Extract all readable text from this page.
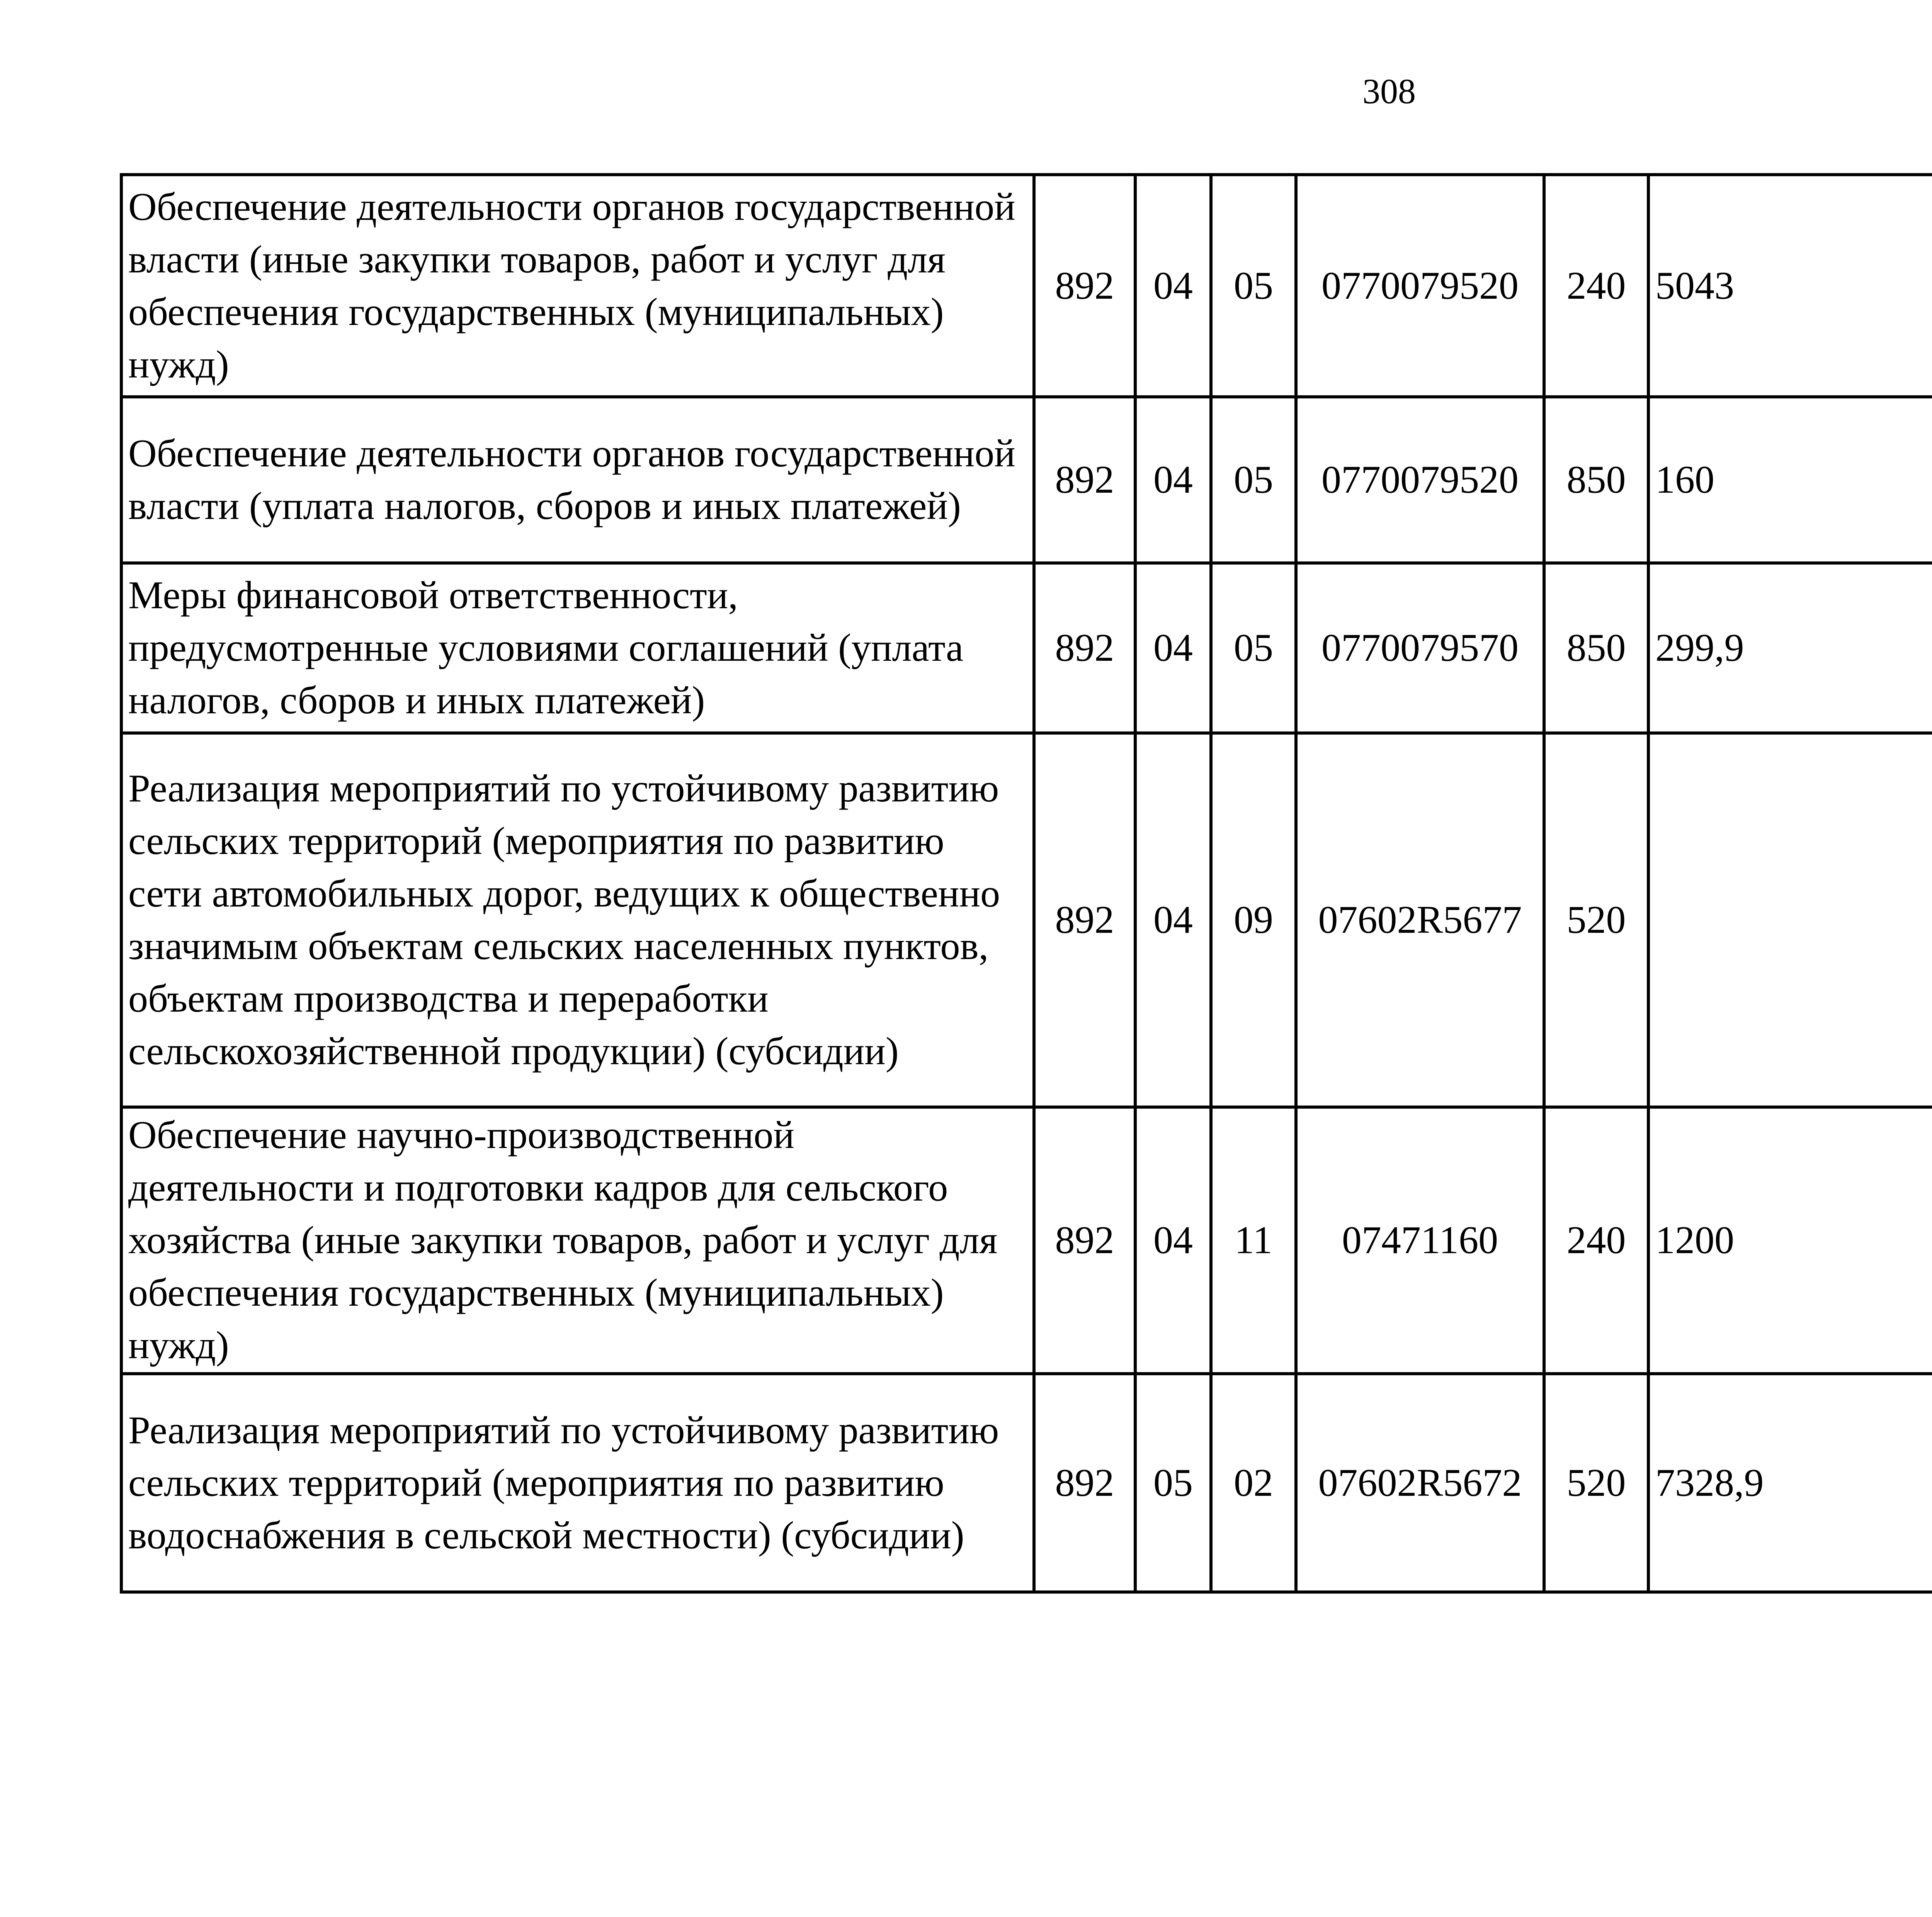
308
Обеспечение деятельности органов государственной власти (иные закупки товаров, работ и услуг для обеспечения государственных (муниципальных) нужд)	892	04	05	0770079520	240	5043		
Обеспечение деятельности органов государственной власти (уплата налогов, сборов и иных платежей)	892	04	05	0770079520	850	160		
Меры финансовой ответственности, предусмотренные условиями соглашений (уплата налогов, сборов и иных платежей)	892	04	05	0770079570	850	299,9		
Реализация мероприятий по устойчивому развитию сельских территорий (мероприятия по развитию сети автомобильных дорог, ведущих к общественно значимым объектам сельских населенных пунктов, объектам производства и переработки сельскохозяйственной продукции) (субсидии)	892	04	09	07602R5677	520			
Обеспечение научно-производственной деятельности и подготовки кадров для сельского хозяйства (иные закупки товаров, работ и услуг для обеспечения государственных (муниципальных) нужд)	892	04	11	07471160	240	1200		
Реализация мероприятий по устойчивому развитию сельских территорий (мероприятия по развитию водоснабжения в сельской местности) (субсидии)	892	05	02	07602R5672	520	7328,9		
